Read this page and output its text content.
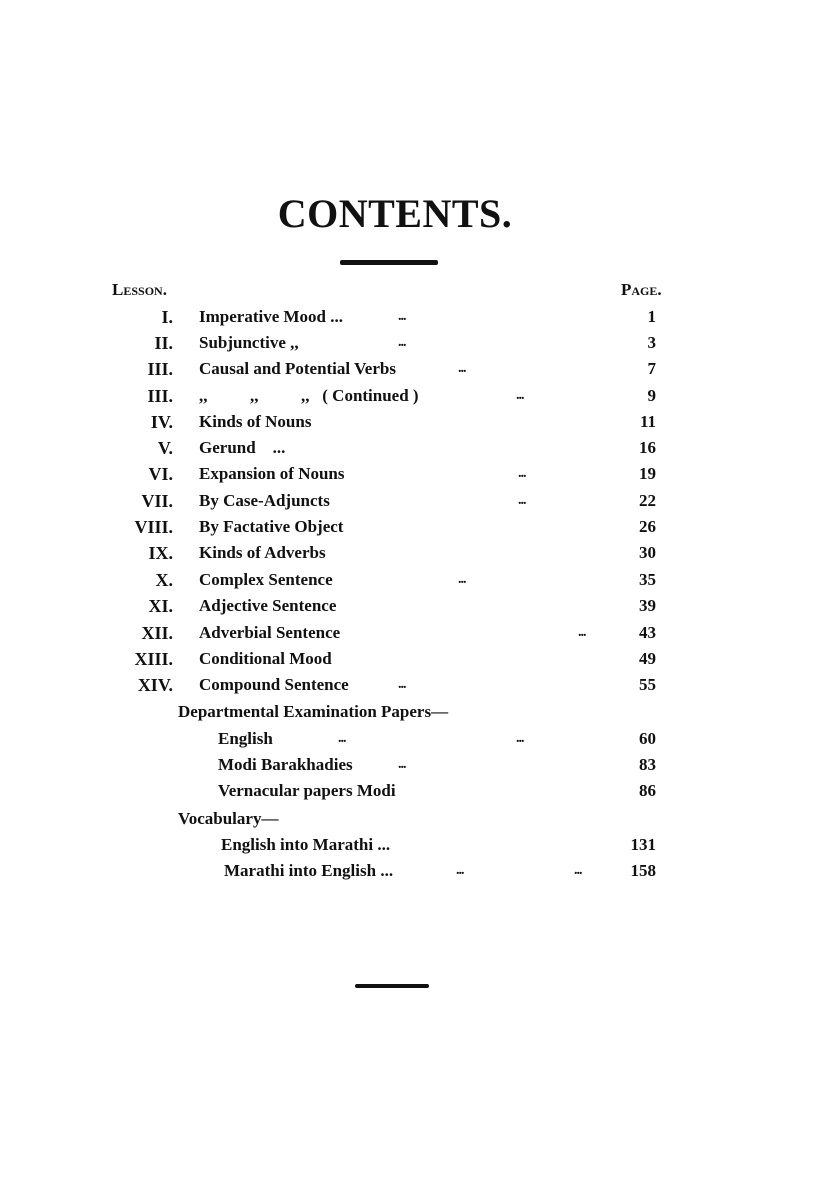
CONTENTS.
Lesson.	Page.
I. Imperative Mood ...	...	1
II. Subjunctive ,,	...	3
III. Causal and Potential Verbs	...	7
III. ,,          ,,          ,,   ( Continued )	...	9
IV. Kinds of Nouns	11
V. Gerund    ...	16
VI. Expansion of Nouns	...	19
VII. By Case-Adjuncts	...	22
VIII. By Factative Object	26
IX. Kinds of Adverbs	30
X. Complex Sentence	...	35
XI. Adjective Sentence	39
XII. Adverbial Sentence	...	43
XIII. Conditional Mood	49
XIV. Compound Sentence	...	55
Departmental Examination Papers—
English	...	...	60
Modi Barakhadies	...	83
Vernacular papers Modi	86
Vocabulary—
English into Marathi ...	131
Marathi into English ...	...	...	158
